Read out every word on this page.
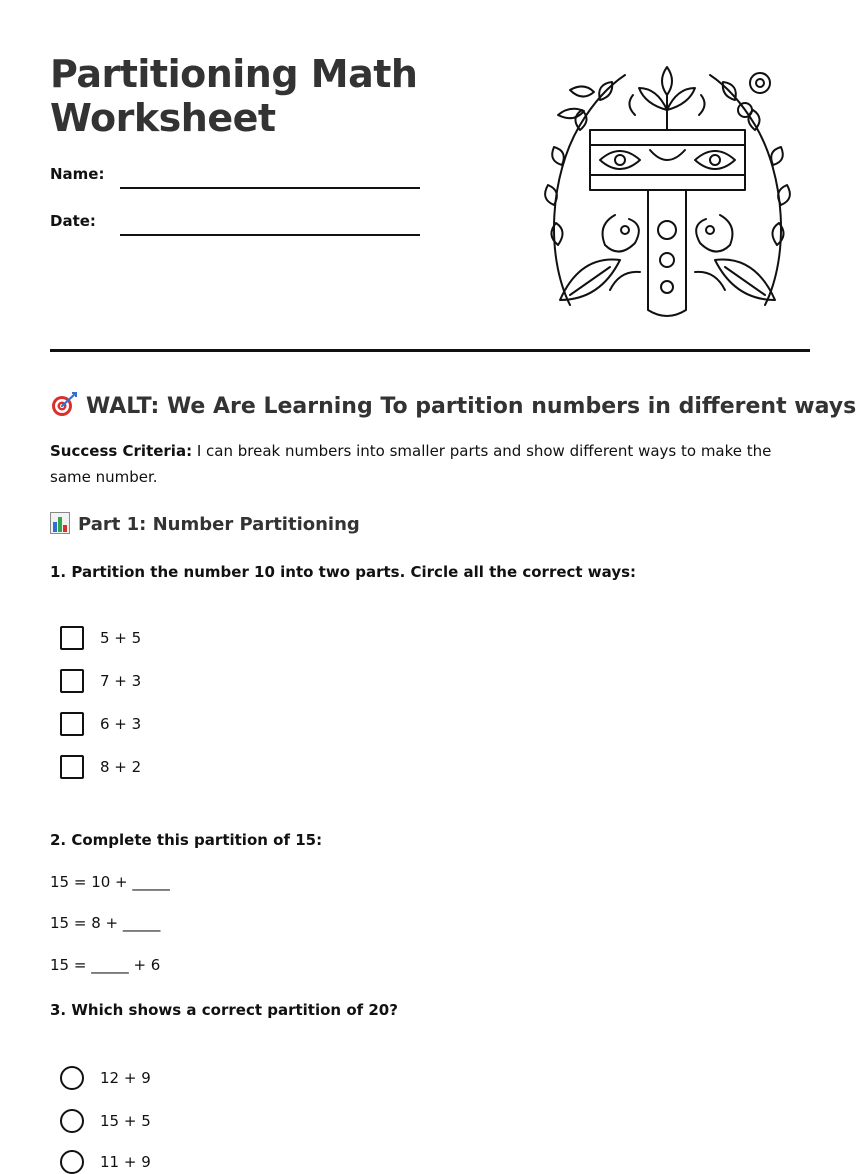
Partitioning Math
Worksheet
Name:
Date:
WALT: We Are Learning To partition numbers in different ways

Success Criteria: I can break numbers into smaller parts and show different ways to make the same number.

Part 1: Number Partitioning

1. Partition the number 10 into two parts. Circle all the correct ways:

5 + 5
7 + 3
6 + 3
8 + 2

2. Complete this partition of 15:

15 = 10 + _____
15 = 8 + _____
15 = _____ + 6

3. Which shows a correct partition of 20?

12 + 9
15 + 5
11 + 9
